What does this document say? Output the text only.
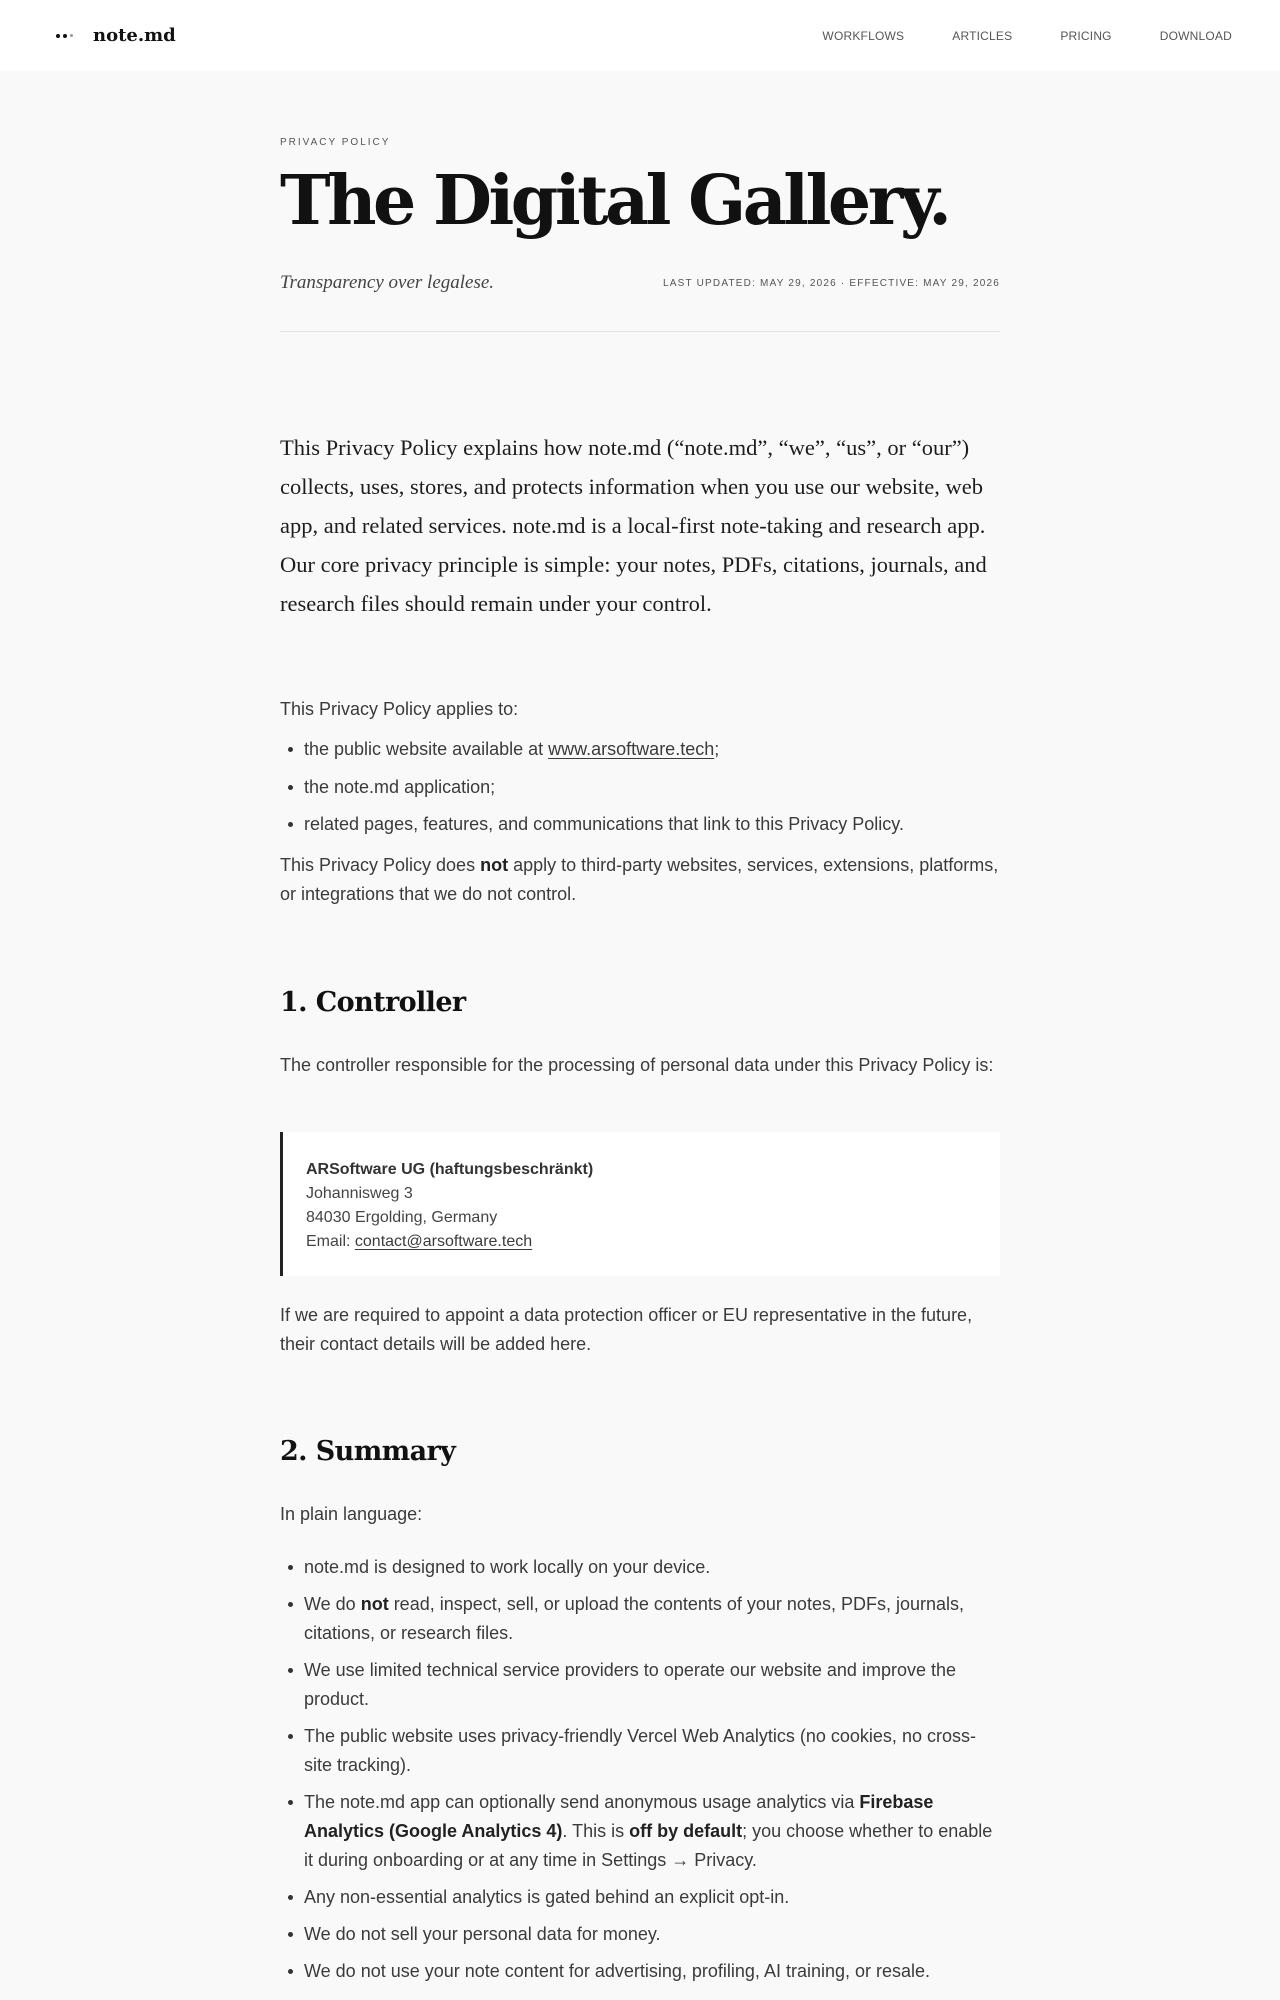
note.md	WORKFLOWS	ARTICLES	PRICING	DOWNLOAD
PRIVACY POLICY
The Digital Gallery.
Transparency over legalese.	LAST UPDATED: MAY 29, 2026 · EFFECTIVE: MAY 29, 2026

This Privacy Policy explains how note.md (“note.md”, “we”, “us”, or “our”) collects, uses, stores, and protects information when you use our website, web app, and related services. note.md is a local-first note-taking and research app. Our core privacy principle is simple: your notes, PDFs, citations, journals, and research files should remain under your control.

This Privacy Policy applies to:

the public website available at www.arsoftware.tech;
the note.md application;
related pages, features, and communications that link to this Privacy Policy.

This Privacy Policy does not apply to third-party websites, services, extensions, platforms, or integrations that we do not control.

1. Controller

The controller responsible for the processing of personal data under this Privacy Policy is:

ARSoftware UG (haftungsbeschränkt)
Johannisweg 3
84030 Ergolding, Germany
Email: contact@arsoftware.tech

If we are required to appoint a data protection officer or EU representative in the future, their contact details will be added here.

2. Summary

In plain language:

note.md is designed to work locally on your device.
We do not read, inspect, sell, or upload the contents of your notes, PDFs, journals, citations, or research files.
We use limited technical service providers to operate our website and improve the product.
The public website uses privacy-friendly Vercel Web Analytics (no cookies, no cross-site tracking).
The note.md app can optionally send anonymous usage analytics via Firebase Analytics (Google Analytics 4). This is off by default; you choose whether to enable it during onboarding or at any time in Settings → Privacy.
Any non-essential analytics is gated behind an explicit opt-in.
We do not sell your personal data for money.
We do not use your note content for advertising, profiling, AI training, or resale.
